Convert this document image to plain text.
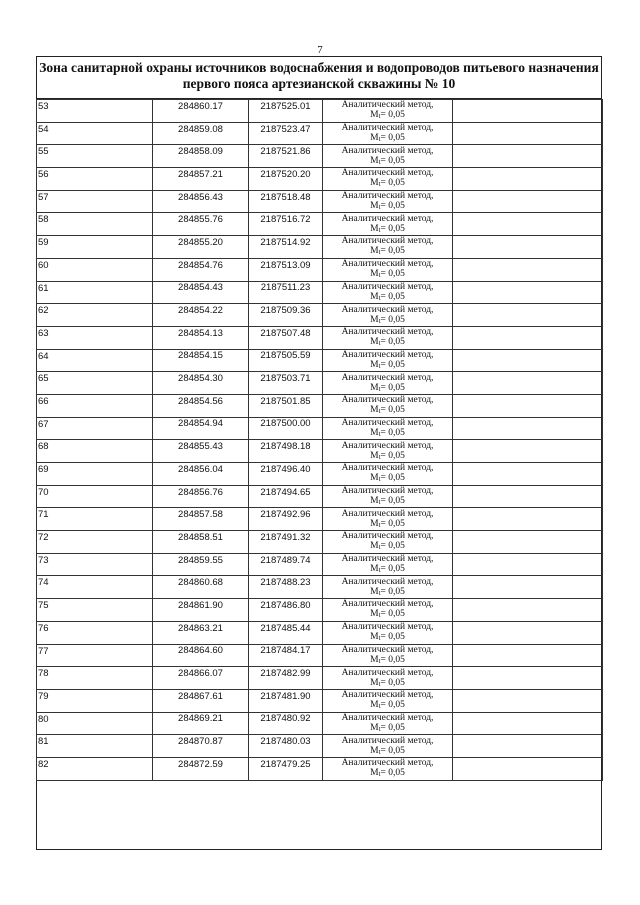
7
Зона санитарной охраны источников водоснабжения и водопроводов питьевого назначения первого пояса артезианской скважины № 10
53	284860.17	2187525.01	Аналитический метод,
$M_t= 0,05$	
54	284859.08	2187523.47	Аналитический метод,
$M_t= 0,05$	
55	284858.09	2187521.86	Аналитический метод,
$M_t= 0,05$	
56	284857.21	2187520.20	Аналитический метод,
$M_t= 0,05$	
57	284856.43	2187518.48	Аналитический метод,
$M_t= 0,05$	
58	284855.76	2187516.72	Аналитический метод,
$M_t= 0,05$	
59	284855.20	2187514.92	Аналитический метод,
$M_t= 0,05$	
60	284854.76	2187513.09	Аналитический метод,
$M_t= 0,05$	
61	284854.43	2187511.23	Аналитический метод,
$M_t= 0,05$	
62	284854.22	2187509.36	Аналитический метод,
$M_t= 0,05$	
63	284854.13	2187507.48	Аналитический метод,
$M_t= 0,05$	
64	284854.15	2187505.59	Аналитический метод,
$M_t= 0,05$	
65	284854.30	2187503.71	Аналитический метод,
$M_t= 0,05$	
66	284854.56	2187501.85	Аналитический метод,
$M_t= 0,05$	
67	284854.94	2187500.00	Аналитический метод,
$M_t= 0,05$	
68	284855.43	2187498.18	Аналитический метод,
$M_t= 0,05$	
69	284856.04	2187496.40	Аналитический метод,
$M_t= 0,05$	
70	284856.76	2187494.65	Аналитический метод,
$M_t= 0,05$	
71	284857.58	2187492.96	Аналитический метод,
$M_t= 0,05$	
72	284858.51	2187491.32	Аналитический метод,
$M_t= 0,05$	
73	284859.55	2187489.74	Аналитический метод,
$M_t= 0,05$	
74	284860.68	2187488.23	Аналитический метод,
$M_t= 0,05$	
75	284861.90	2187486.80	Аналитический метод,
$M_t= 0,05$	
76	284863.21	2187485.44	Аналитический метод,
$M_t= 0,05$	
77	284864.60	2187484.17	Аналитический метод,
$M_t= 0,05$	
78	284866.07	2187482.99	Аналитический метод,
$M_t= 0,05$	
79	284867.61	2187481.90	Аналитический метод,
$M_t= 0,05$	
80	284869.21	2187480.92	Аналитический метод,
$M_t= 0,05$	
81	284870.87	2187480.03	Аналитический метод,
$M_t= 0,05$	
82	284872.59	2187479.25	Аналитический метод,
$M_t= 0,05$	
